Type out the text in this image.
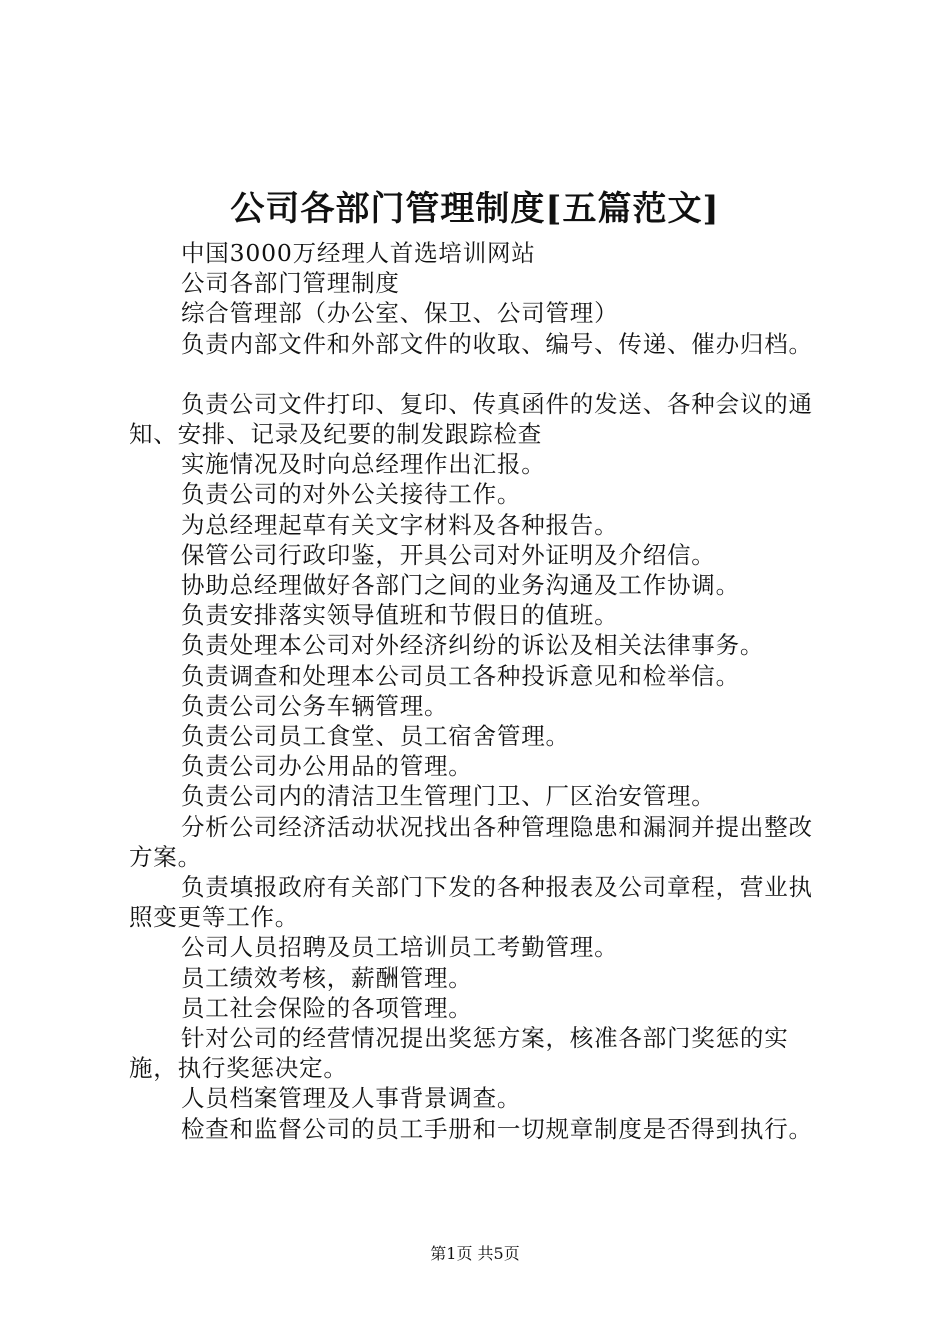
公司各部门管理制度[五篇范文]

中国3000万经理人首选培训网站

公司各部门管理制度

综合管理部（办公室、保卫、公司管理）

负责内部文件和外部文件的收取、编号、传递、催办归档。

负责公司文件打印、复印、传真函件的发送、各种会议的通知、安排、记录及纪要的制发跟踪检查

实施情况及时向总经理作出汇报。

负责公司的对外公关接待工作。

为总经理起草有关文字材料及各种报告。

保管公司行政印鉴，开具公司对外证明及介绍信。

协助总经理做好各部门之间的业务沟通及工作协调。

负责安排落实领导值班和节假日的值班。

负责处理本公司对外经济纠纷的诉讼及相关法律事务。

负责调查和处理本公司员工各种投诉意见和检举信。

负责公司公务车辆管理。

负责公司员工食堂、员工宿舍管理。

负责公司办公用品的管理。

负责公司内的清洁卫生管理门卫、厂区治安管理。

分析公司经济活动状况找出各种管理隐患和漏洞并提出整改方案。

负责填报政府有关部门下发的各种报表及公司章程，营业执照变更等工作。

公司人员招聘及员工培训员工考勤管理。

员工绩效考核，薪酬管理。

员工社会保险的各项管理。

针对公司的经营情况提出奖惩方案，核准各部门奖惩的实施，执行奖惩决定。

人员档案管理及人事背景调查。

检查和监督公司的员工手册和一切规章制度是否得到执行。

第1页 共5页
